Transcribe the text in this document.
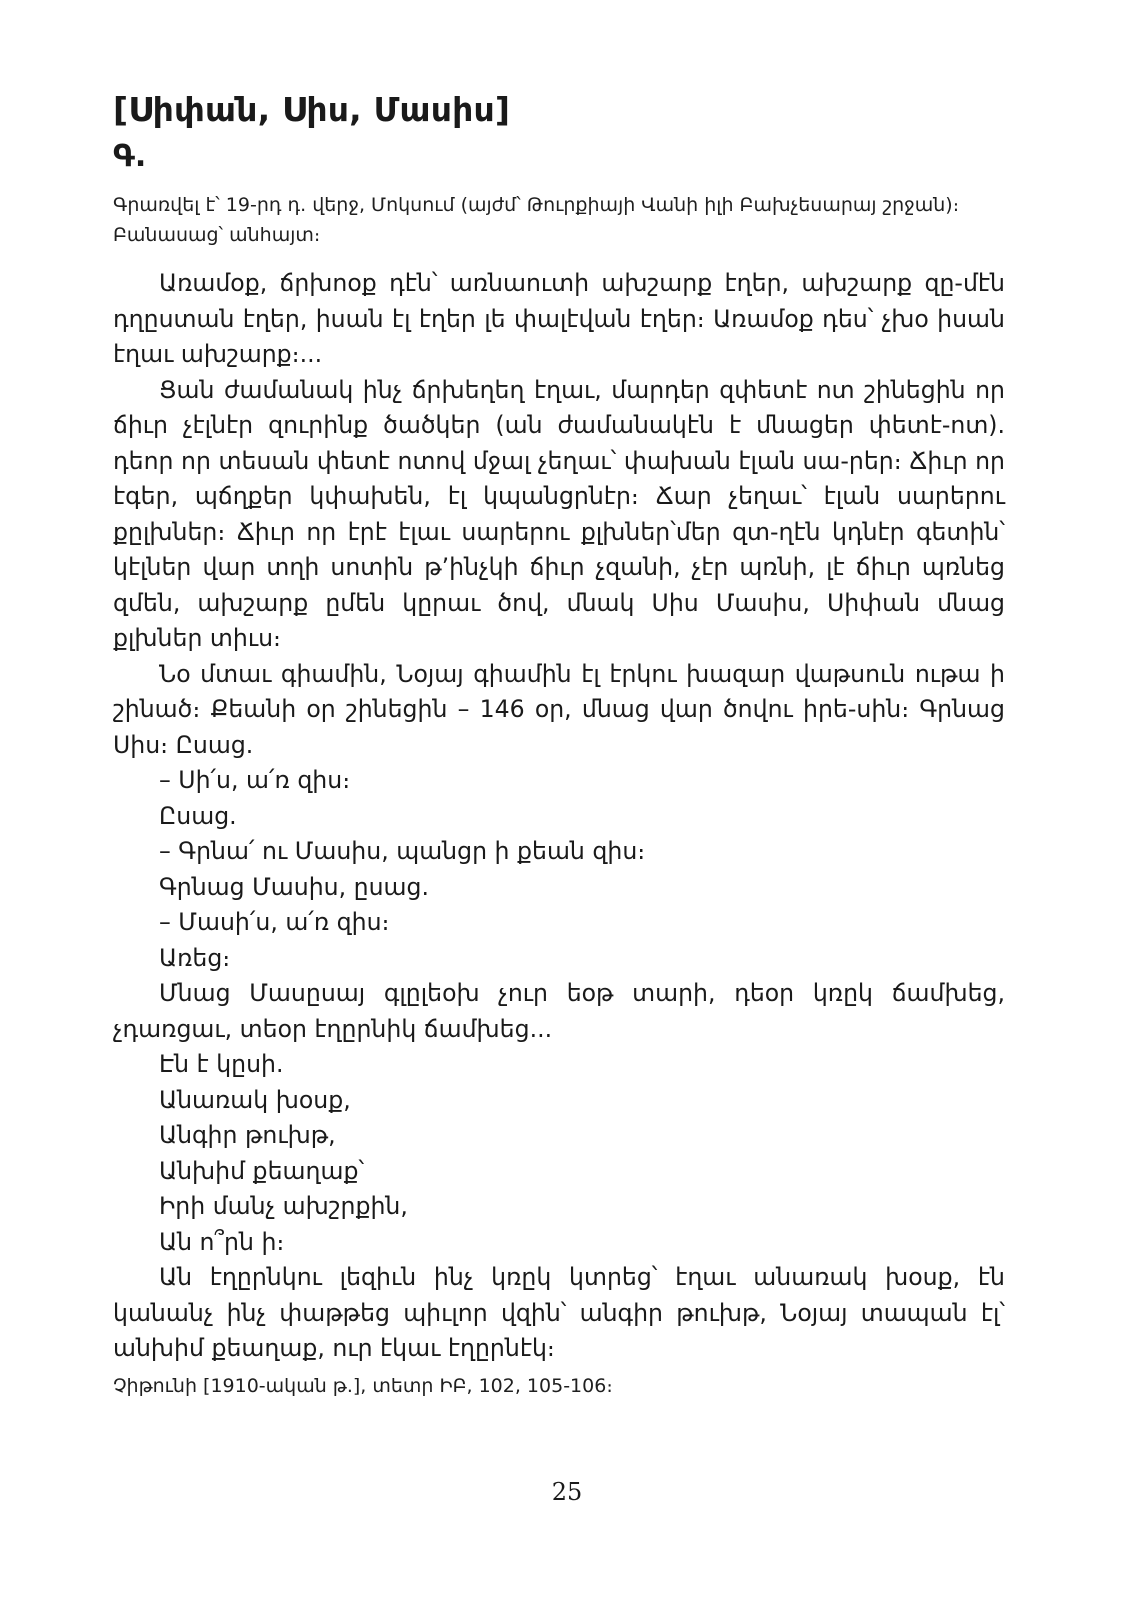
[Սիփան, Սիս, Մասիս]
Գ.

Գրառվել է՝ 19-րդ դ. վերջ, Մոկսում (այժմ՝ Թուրքիայի Վանի իլի Բախչեսարայ շրջան)։

Բանասաց՝ անհայտ։

Առամօք, ճրխոօք դէն՝ առնաուտի ախշարք էղեր, ախշարք զը-մէն դղըստան էղեր, իսան էլ էղեր լե փալէվան էղեր։ Առամօք դես՝ չխօ իսան էղաւ ախշարք։...

Ցան ժամանակ ինչ ճրխեղեղ էղաւ, մարդեր զփետէ ոտ շինեցին որ ճիւր չէլնէր զուրինք ծածկեր (ան ժամանակէն է մնացեր փետէ-ոտ). դեոր որ տեսան փետէ ոտով մջալ չեղաւ՝ փախան էլան սա-րեր։ Ճիւր որ էգեր, պճղքեր կփախեն, էլ կպանցրնէր։ Ճար չեղաւ՝ էլան սարերու քըլխներ։ Ճիւր որ էրէ էլաւ սարերու քլխներ՝մեր զտ-ղէն կդնէր գետին՝ կէլներ վար տղի սոտին թ՚ինչկի ճիւր չզանի, չէր պռնի, լէ ճիւր պռնեց զմեն, ախշարք ըմեն կըրաւ ծով, մնակ Սիս Մասիս, Սիփան մնաց քլխներ տիւս։

Նօ մտաւ գիամին, Նօյայ գիամին էլ էրկու խազար վաթսուն ութա ի շինած։ Քեանի օր շինեցին – 146 օր, մնաց վար ծովու իրե-սին։ Գրնաց Սիս։ Ըսաց.

– Սի՛ս, ա՛ռ զիս։

Ըսաց.

– Գրնա՛ ու Մասիս, պանցր ի քեան զիս։

Գրնաց Մասիս, ըսաց.

– Մասի՛ս, ա՛ռ զիս։

Առեց։

Մնաց Մասըսայ գլըլեօխ չուր եօթ տարի, դեօր կռըկ ճամխեց, չդառցաւ, տեօր էղըրնիկ ճամխեց...

Էն է կըսի.

Անառակ խօսք,

Անգիր թուխթ,

Անխիմ քեաղաք՝

Իրի մանչ ախշրքին,

Ան ո՞րն ի։

Ան էղըրնկու լեզիւն ինչ կռըկ կտրեց՝ էղաւ անառակ խօսք, էն կանանչ ինչ փաթթեց պիւլոր վզին՝ անգիր թուխթ, Նօյայ տապան էլ՝ անխիմ քեաղաք, ուր էկաւ էղըրնէկ։

Չիթունի [1910-ական թ.], տետր ԻԲ, 102, 105-106։

25
